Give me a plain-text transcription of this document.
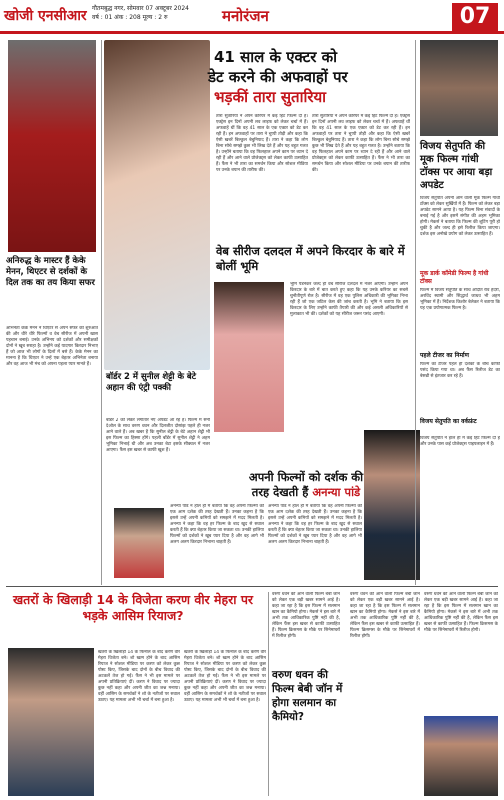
खोजी एनसीआर गौतमबुद्ध नगर, सोमवार 07 अक्टूबर 2024
वर्ष : 01 अंक : 208 मूल्य : 2 रु	मनोरंजन	07
अनिरुद्ध के मास्टर हैं केके मेनन, थिएटर से दर्शकों के दिल तक का तय किया सफर
अभिनेता केके मेनन ने थिएटर से अपने सफर की शुरुआत की और धीरे धीरे फिल्मों व वेब सीरीज में अपनी खास पहचान बनाई। उनके अभिनय को दर्शकों और समीक्षकों दोनों ने खूब सराहा है। उन्होंने कई यादगार किरदार निभाए हैं जो आज भी लोगों के दिलों में बसे हैं। केके मेनन का मानना है कि थिएटर ने उन्हें एक बेहतर अभिनेता बनाया और वह आज भी मंच को अपना पहला प्यार मानते हैं।
41 साल के एक्टर को
डेट करने की अफवाहों पर
भड़कीं तारा सुतारिया
तारा सुतारिया ने अपने करियर में कई हिट फिल्में दी हैं। एक्ट्रेस इन दिनों अपनी लव लाइफ को लेकर चर्चा में हैं। अफवाहें थीं कि वह 41 साल के एक एक्टर को डेट कर रही हैं। इन अफवाहों पर तारा ने चुप्पी तोड़ी और कहा कि ऐसी खबरें बिल्कुल बेबुनियाद हैं। तारा ने कहा कि लोग बिना सोचे समझे कुछ भी लिख देते हैं और यह बहुत गलत है। उन्होंने बताया कि वह फिलहाल अपने काम पर ध्यान दे रही हैं और आने वाले प्रोजेक्ट्स को लेकर काफी उत्साहित हैं। फैंस ने भी तारा का समर्थन किया और सोशल मीडिया पर उनके बयान की तारीफ की।
तारा सुतारिया ने अपने करियर में कई हिट फिल्में दी हैं। एक्ट्रेस इन दिनों अपनी लव लाइफ को लेकर चर्चा में हैं। अफवाहें थीं कि वह 41 साल के एक एक्टर को डेट कर रही हैं। इन अफवाहों पर तारा ने चुप्पी तोड़ी और कहा कि ऐसी खबरें बिल्कुल बेबुनियाद हैं। तारा ने कहा कि लोग बिना सोचे समझे कुछ भी लिख देते हैं और यह बहुत गलत है। उन्होंने बताया कि वह फिलहाल अपने काम पर ध्यान दे रही हैं और आने वाले प्रोजेक्ट्स को लेकर काफी उत्साहित हैं। फैंस ने भी तारा का समर्थन किया और सोशल मीडिया पर उनके बयान की तारीफ की।
वेब सीरीज दलदल में अपने किरदार के बारे में बोलीं भूमि
भूमि पेडनेकर जल्द ही वेब सीरीज दलदल में नजर आएंगी। उन्होंने अपने किरदार के बारे में बात करते हुए कहा कि यह उनके करियर का सबसे चुनौतीपूर्ण रोल है। सीरीज में वह एक पुलिस अधिकारी की भूमिका निभा रही हैं जो एक जटिल केस की जांच करती है। भूमि ने बताया कि इस किरदार के लिए उन्होंने काफी तैयारी की और कई असली अधिकारियों से मुलाकात भी की। दर्शकों को यह सीरीज जरूर पसंद आएगी।
बॉर्डर 2 में सुनील शेट्टी के बेटे अहान की एंट्री पक्की
बॉर्डर 2 को लेकर लगातार नए अपडेट आ रहे हैं। फिल्म में सनी देओल के साथ वरुण धवन और दिलजीत दोसांझ पहले ही नजर आने वाले हैं। अब खबर है कि सुनील शेट्टी के बेटे अहान शेट्टी भी इस फिल्म का हिस्सा होंगे। पहली बॉर्डर में सुनील शेट्टी ने अहम भूमिका निभाई थी और अब उनका बेटा इसके सीक्वल में नजर आएगा। फैंस इस खबर से काफी खुश हैं।
अपनी फिल्मों को दर्शक की
तरह देखती हैं अनन्या पांडे
अनन्या पांडे ने हाल ही में बताया कि वह अपनी फिल्मों को एक आम दर्शक की तरह देखती हैं। उनका कहना है कि इससे उन्हें अपनी कमियों को समझने में मदद मिलती है। अनन्या ने कहा कि वह हर फिल्म के बाद खुद से सवाल करती हैं कि क्या बेहतर किया जा सकता था। उनकी हालिया फिल्मों को दर्शकों ने खूब प्यार दिया है और वह आगे भी अलग अलग किरदार निभाना चाहती हैं।
अनन्या पांडे ने हाल ही में बताया कि वह अपनी फिल्मों को एक आम दर्शक की तरह देखती हैं। उनका कहना है कि इससे उन्हें अपनी कमियों को समझने में मदद मिलती है। अनन्या ने कहा कि वह हर फिल्म के बाद खुद से सवाल करती हैं कि क्या बेहतर किया जा सकता था। उनकी हालिया फिल्मों को दर्शकों ने खूब प्यार दिया है और वह आगे भी अलग अलग किरदार निभाना चाहती हैं।
विजय सेतुपति की मूक फिल्म गांधी टॉक्स पर आया बड़ा अपडेट
विजय सेतुपति अपनी आने वाली मूक फिल्म गांधी टॉक्स को लेकर सुर्खियों में हैं। फिल्म को लेकर बड़ा अपडेट सामने आया है। यह फिल्म बिना संवादों के बनाई गई है और इसमें संगीत की अहम भूमिका होगी। मेकर्स ने बताया कि फिल्म की शूटिंग पूरी हो चुकी है और जल्द ही इसे रिलीज किया जाएगा। दर्शक इस अनोखे प्रयोग को लेकर उत्साहित हैं।
मूक डार्क कॉमेडी फिल्म है गांधी टॉक्स
फिल्म में विजय सेतुपति के साथ अदिति राव हैदरी, अरविंद स्वामी और सिद्धार्थ जाधव भी अहम भूमिका में हैं। निर्देशक किशोर बेलेकर ने बताया कि यह एक प्रयोगात्मक फिल्म है।
पहले टीजर का निर्माण
फिल्म का टीजर पहले ही दर्शकों के बीच काफी पसंद किया गया था। अब फैंस रिलीज डेट का बेसब्री से इंतजार कर रहे हैं।
विजय सेतुपति का वर्कफ्रंट
विजय सेतुपति ने हाल ही में कई हिट फिल्में दी हैं और उनके पास कई प्रोजेक्ट्स पाइपलाइन में हैं।
खतरों के खिलाड़ी 14 के विजेता करण वीर मेहरा पर भड़के आसिम रियाज?
खतरों के खिलाड़ी 14 के फिनाले के बाद करण वीर मेहरा विजेता बने। शो खत्म होने के बाद आसिम रियाज ने सोशल मीडिया पर करण को लेकर कुछ पोस्ट किए, जिसके बाद दोनों के बीच विवाद की अटकलें तेज हो गईं। फैंस ने भी इस मामले पर अपनी प्रतिक्रियाएं दीं। करण ने विवाद पर ज्यादा कुछ नहीं कहा और अपनी जीत का जश्न मनाया। वहीं आसिम के समर्थकों ने शो के नतीजों पर सवाल उठाए। यह मामला अभी भी चर्चा में बना हुआ है।
खतरों के खिलाड़ी 14 के फिनाले के बाद करण वीर मेहरा विजेता बने। शो खत्म होने के बाद आसिम रियाज ने सोशल मीडिया पर करण को लेकर कुछ पोस्ट किए, जिसके बाद दोनों के बीच विवाद की अटकलें तेज हो गईं। फैंस ने भी इस मामले पर अपनी प्रतिक्रियाएं दीं। करण ने विवाद पर ज्यादा कुछ नहीं कहा और अपनी जीत का जश्न मनाया। वहीं आसिम के समर्थकों ने शो के नतीजों पर सवाल उठाए। यह मामला अभी भी चर्चा में बना हुआ है।
वरुण धवन की आने वाली फिल्म बेबी जॉन को लेकर एक बड़ी खबर सामने आई है। कहा जा रहा है कि इस फिल्म में सलमान खान का कैमियो होगा। मेकर्स ने इस बारे में अभी तक आधिकारिक पुष्टि नहीं की है, लेकिन फैंस इस खबर से काफी उत्साहित हैं। फिल्म क्रिसमस के मौके पर सिनेमाघरों में रिलीज होगी।
वरुण धवन की फिल्म बेबी जॉन में होगा सलमान का कैमियो?
वरुण धवन की आने वाली फिल्म बेबी जॉन को लेकर एक बड़ी खबर सामने आई है। कहा जा रहा है कि इस फिल्म में सलमान खान का कैमियो होगा। मेकर्स ने इस बारे में अभी तक आधिकारिक पुष्टि नहीं की है, लेकिन फैंस इस खबर से काफी उत्साहित हैं। फिल्म क्रिसमस के मौके पर सिनेमाघरों में रिलीज होगी।
वरुण धवन की आने वाली फिल्म बेबी जॉन को लेकर एक बड़ी खबर सामने आई है। कहा जा रहा है कि इस फिल्म में सलमान खान का कैमियो होगा। मेकर्स ने इस बारे में अभी तक आधिकारिक पुष्टि नहीं की है, लेकिन फैंस इस खबर से काफी उत्साहित हैं। फिल्म क्रिसमस के मौके पर सिनेमाघरों में रिलीज होगी।
